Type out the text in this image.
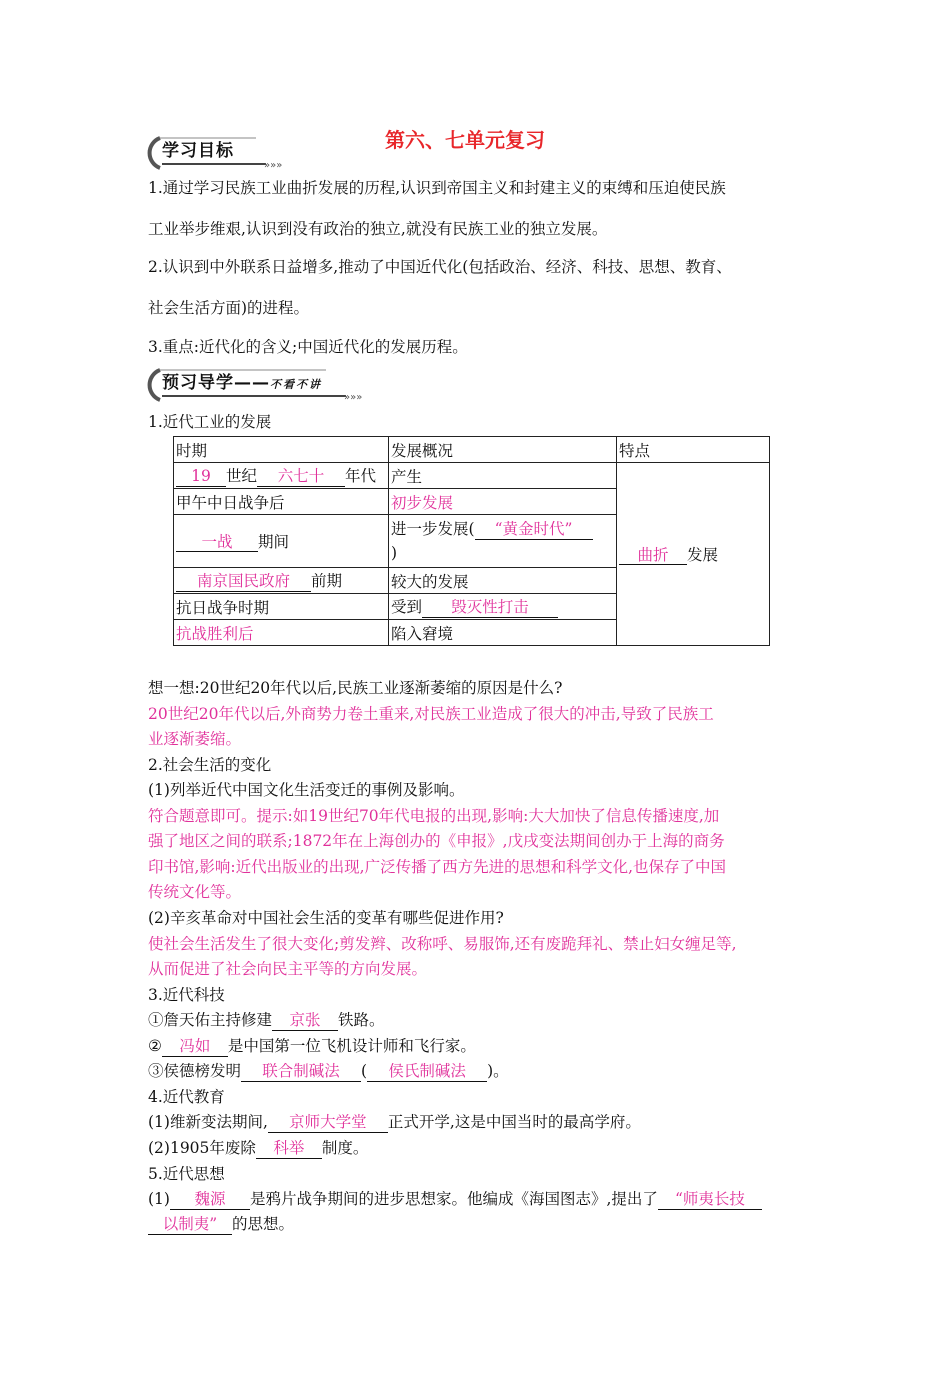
第六、七单元复习
»»»
学习目标
1.通过学习民族工业曲折发展的历程,认识到帝国主义和封建主义的束缚和压迫使民族
工业举步维艰,认识到没有政治的独立,就没有民族工业的独立发展。
2.认识到中外联系日益增多,推动了中国近代化(包括政治、经济、科技、思想、教育、
社会生活方面)的进程。
3.重点:近代化的含义;中国近代化的发展历程。
»»»
预习导学——不看不讲
1.近代工业的发展
时期	发展概况	特点
19 世纪 六七十 年代	产生	曲折 发展
甲午中日战争后	初步发展	
一战 期间	进一步发展( “黄金时代”
)	
南京国民政府 前期	较大的发展	
抗日战争时期	受到 毁灭性打击	
抗战胜利后	陷入窘境	
想一想:20世纪20年代以后,民族工业逐渐萎缩的原因是什么?
20世纪20年代以后,外商势力卷土重来,对民族工业造成了很大的冲击,导致了民族工
业逐渐萎缩。
2.社会生活的变化
(1)列举近代中国文化生活变迁的事例及影响。
符合题意即可。提示:如19世纪70年代电报的出现,影响:大大加快了信息传播速度,加
强了地区之间的联系;1872年在上海创办的《申报》,戊戌变法期间创办于上海的商务
印书馆,影响:近代出版业的出现,广泛传播了西方先进的思想和科学文化,也保存了中国
传统文化等。
(2)辛亥革命对中国社会生活的变革有哪些促进作用?
使社会生活发生了很大变化;剪发辫、改称呼、易服饰,还有废跪拜礼、禁止妇女缠足等,
从而促进了社会向民主平等的方向发展。
3.近代科技
①詹天佑主持修建 京张 铁路。
② 冯如 是中国第一位飞机设计师和飞行家。
③侯德榜发明 联合制碱法 ( 侯氏制碱法 )。
4.近代教育
(1)维新变法期间, 京师大学堂 正式开学,这是中国当时的最高学府。
(2)1905年废除 科举 制度。
5.近代思想
(1) 魏源 是鸦片战争期间的进步思想家。他编成《海国图志》,提出了 “师夷长技
以制夷” 的思想。
